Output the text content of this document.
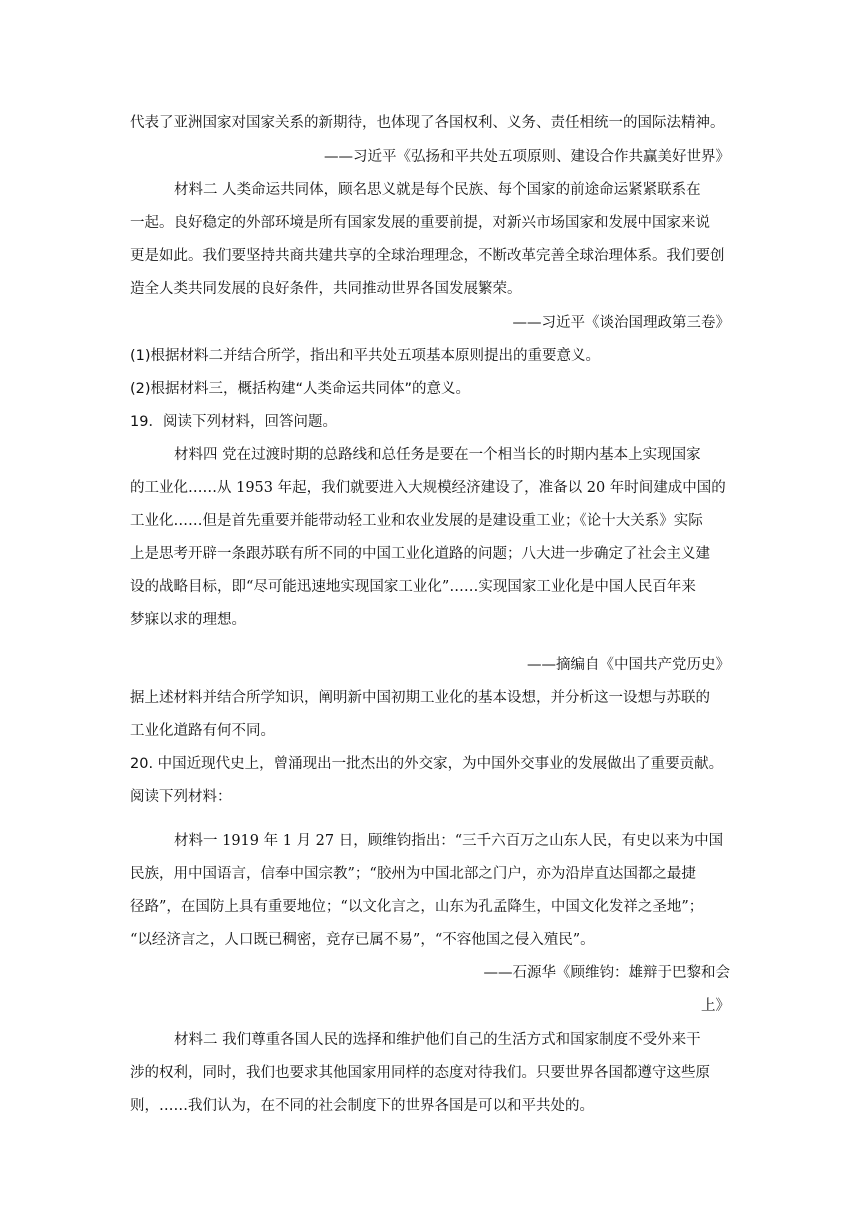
代表了亚洲国家对国家关系的新期待，也体现了各国权利、义务、责任相统一的国际法精神。
——习近平《弘扬和平共处五项原则、建设合作共赢美好世界》
材料二 人类命运共同体，顾名思义就是每个民族、每个国家的前途命运紧紧联系在
一起。良好稳定的外部环境是所有国家发展的重要前提，对新兴市场国家和发展中国家来说
更是如此。我们要坚持共商共建共享的全球治理理念，不断改革完善全球治理体系。我们要创
造全人类共同发展的良好条件，共同推动世界各国发展繁荣。
——习近平《谈治国理政第三卷》
(1)根据材料二并结合所学，指出和平共处五项基本原则提出的重要意义。
(2)根据材料三，概括构建“人类命运共同体”的意义。
19．阅读下列材料，回答问题。
材料四 党在过渡时期的总路线和总任务是要在一个相当长的时期内基本上实现国家
的工业化……从 1953 年起，我们就要进入大规模经济建设了，准备以 20 年时间建成中国的
工业化……但是首先重要并能带动轻工业和农业发展的是建设重工业；《论十大关系》实际
上是思考开辟一条跟苏联有所不同的中国工业化道路的问题；八大进一步确定了社会主义建
设的战略目标，即“尽可能迅速地实现国家工业化”……实现国家工业化是中国人民百年来
梦寐以求的理想。
——摘编自《中国共产党历史》
据上述材料并结合所学知识，阐明新中国初期工业化的基本设想，并分析这一设想与苏联的
工业化道路有何不同。
20. 中国近现代史上，曾涌现出一批杰出的外交家，为中国外交事业的发展做出了重要贡献。
阅读下列材料：
材料一 1919 年 1 月 27 日，顾维钧指出：“三千六百万之山东人民，有史以来为中国
民族，用中国语言，信奉中国宗教”；“胶州为中国北部之门户，亦为沿岸直达国都之最捷
径路”，在国防上具有重要地位；“以文化言之，山东为孔孟降生，中国文化发祥之圣地”；
“以经济言之，人口既已稠密，竞存已属不易”，“不容他国之侵入殖民”。
——石源华《顾维钧：雄辩于巴黎和会
上》
材料二 我们尊重各国人民的选择和维护他们自己的生活方式和国家制度不受外来干
涉的权利，同时，我们也要求其他国家用同样的态度对待我们。只要世界各国都遵守这些原
则，……我们认为，在不同的社会制度下的世界各国是可以和平共处的。
